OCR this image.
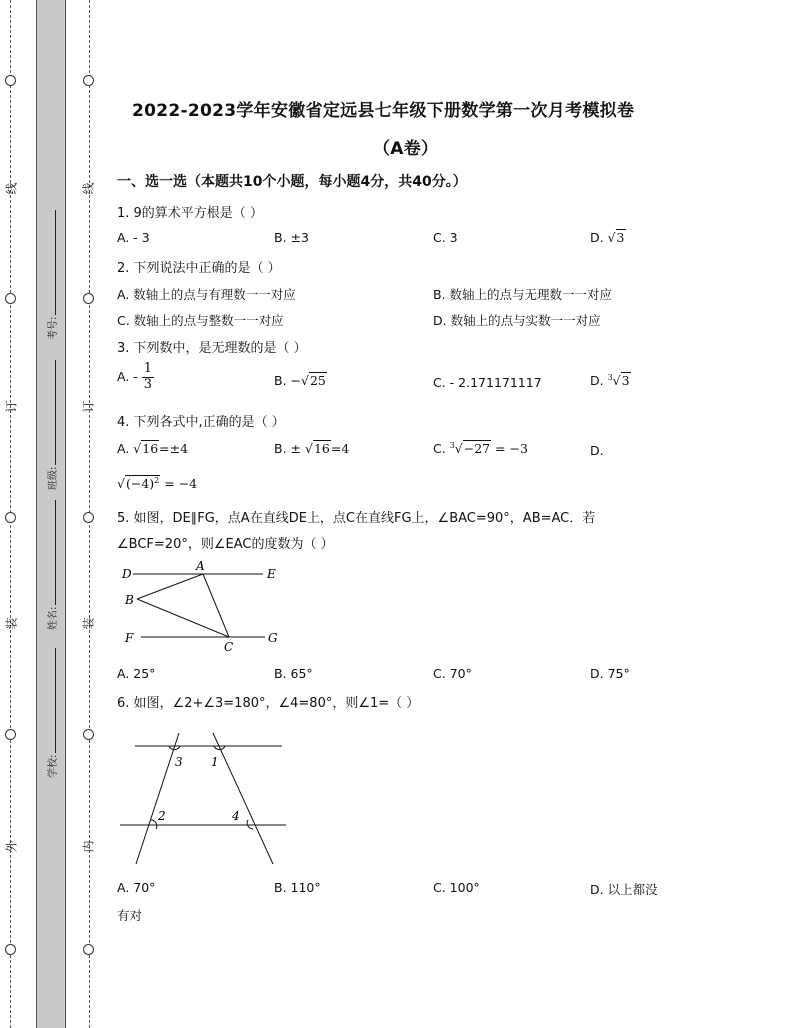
线
订
装
外
线
订
装
内
考号:
班级:
姓名:
学校:
2022-2023学年安徽省定远县七年级下册数学第一次月考模拟卷
（A卷）
一、选一选（本题共10个小题，每小题4分，共40分。）
1. 9的算术平方根是（ ）
A. - 3	B. ±3	C. 3	D. √3
2. 下列说法中正确的是（ ）
A. 数轴上的点与有理数一一对应	B. 数轴上的点与无理数一一对应
C. 数轴上的点与整数一一对应	D. 数轴上的点与实数一一对应
3. 下列数中，是无理数的是（ ）
A. - $\frac{1}{3}$	B. −√25	C. - 2.171171117	D. $^3$√3
4. 下列各式中,正确的是（ ）
A. √16=±4	B. ± √16=4	C. $^3$√−27 = −3	D.
$√(-4)^2 = -4$
5. 如图，DE∥FG，点A在直线DE上，点C在直线FG上，∠BAC=90°，AB=AC．若
∠BCF=20°，则∠EAC的度数为（ ）
D
A
E
B
F
C
G
A. 25°	B. 65°	C. 70°	D. 75°
6. 如图，∠2+∠3=180°，∠4=80°，则∠1=（ ）
3 1
2	4
A. 70°	B. 110°	C. 100°	D. 以上都没
有对
